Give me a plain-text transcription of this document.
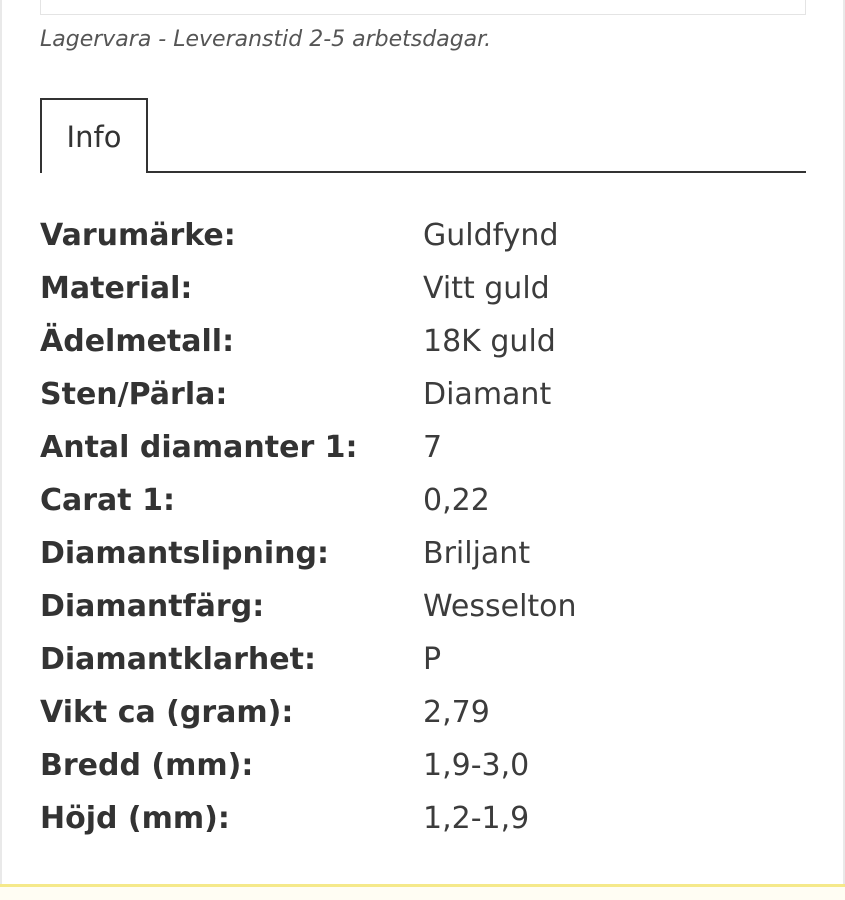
Lagervara - Leveranstid 2-5 arbetsdagar.
Info
Varumärke:	Guldfynd
Material:	Vitt guld
Ädelmetall:	18K guld
Sten/Pärla:	Diamant
Antal diamanter 1:	7
Carat 1:	0,22
Diamantslipning:	Briljant
Diamantfärg:	Wesselton
Diamantklarhet:	P
Vikt ca (gram):	2,79
Bredd (mm):	1,9-3,0
Höjd (mm):	1,2-1,9
